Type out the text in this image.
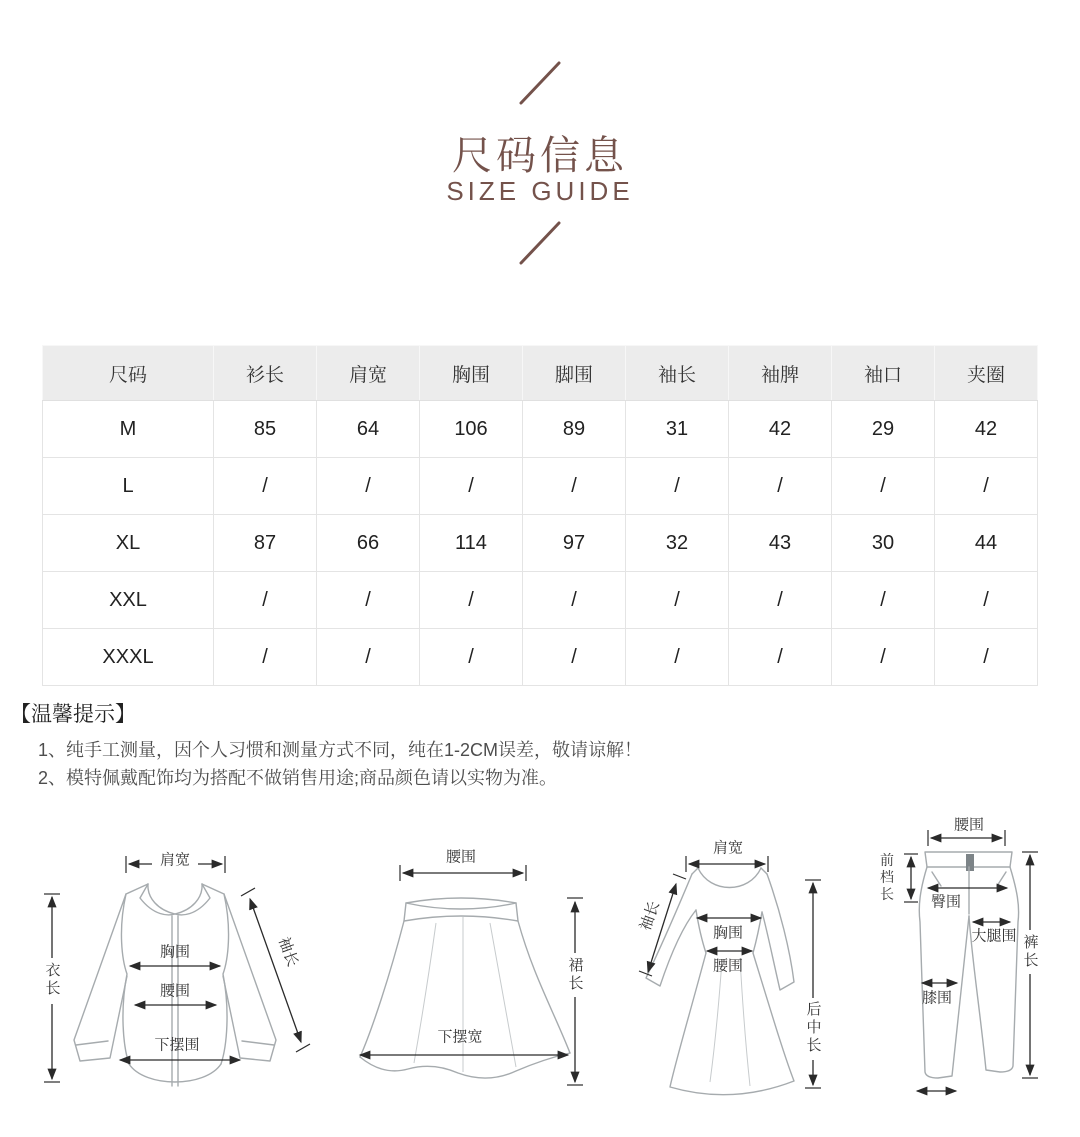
尺码信息
SIZE GUIDE
尺码	衫长	肩宽	胸围	脚围	袖长	袖脾	袖口	夹圈
M	85	64	106	89	31	42	29	42
L	/	/	/	/	/	/	/	/
XL	87	66	114	97	32	43	30	44
XXL	/	/	/	/	/	/	/	/
XXXL	/	/	/	/	/	/	/	/
【温馨提示】
1、纯手工测量，因个人习惯和测量方式不同，纯在1-2CM误差，敬请谅解！
2、模特佩戴配饰均为搭配不做销售用途;商品颜色请以实物为准。
肩宽
衣长
袖长
胸围
腰围
下摆围
腰围
裙长
下摆宽
肩宽
袖长	胸围
腰围
后中长
腰围
前档长 臀围
大腿围 裤长
膝围
